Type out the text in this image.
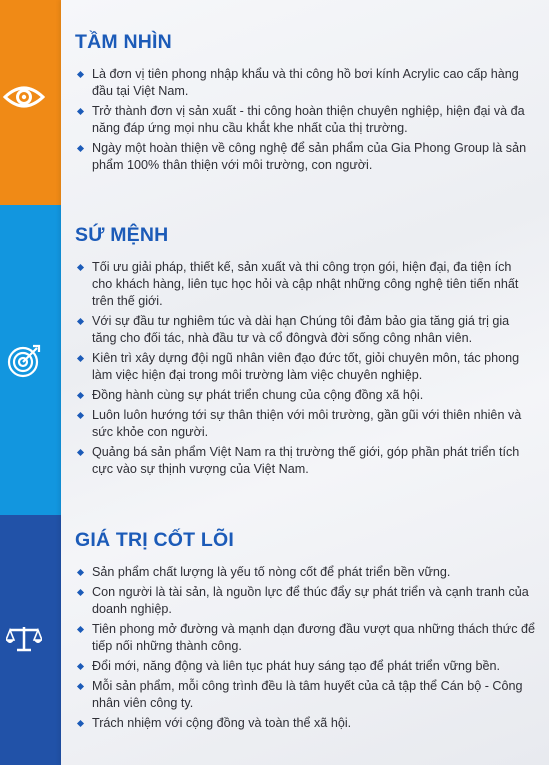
TẦM NHÌN
Là đơn vị tiên phong nhập khẩu và thi công hồ bơi kính Acrylic cao cấp hàng đầu tại Việt Nam.
Trở thành đơn vị sản xuất - thi công hoàn thiện chuyên nghiệp, hiện đại và đa năng đáp ứng mọi nhu cầu khắt khe nhất của thị trường.
Ngày một hoàn thiện về công nghệ để sản phẩm của Gia Phong Group là sản phẩm 100% thân thiện với môi trường, con người.
SỨ MỆNH
Tối ưu giải pháp, thiết kế, sản xuất và thi công trọn gói, hiện đại, đa tiện ích cho khách hàng, liên tục học hỏi và cập nhật những công nghệ tiên tiến nhất trên thế giới.
Với sự đầu tư nghiêm túc và dài hạn Chúng tôi đảm bảo gia tăng giá trị gia tăng cho đối tác, nhà đầu tư và cổ đôngvà đời sống công nhân viên.
Kiên trì xây dựng đội ngũ nhân viên đạo đức tốt, giỏi chuyên môn, tác phong làm việc hiện đại trong môi trường làm việc chuyên nghiệp.
Đồng hành cùng sự phát triển chung của cộng đồng xã hội.
Luôn luôn hướng tới sự thân thiện với môi trường, gần gũi với thiên nhiên và sức khỏe con người.
Quảng bá sản phẩm Việt Nam ra thị trường thế giới, góp phần phát triển tích cực vào sự thịnh vượng của Việt Nam.
GIÁ TRỊ CỐT LÕI
Sản phẩm chất lượng là yếu tố nòng cốt để phát triển bền vững.
Con người là tài sản, là nguồn lực để thúc đẩy sự phát triển và cạnh tranh của doanh nghiệp.
Tiên phong mở đường và mạnh dạn đương đầu vượt qua những thách thức để tiếp nối những thành công.
Đổi mới, năng động và liên tục phát huy sáng tạo để phát triển vững bền.
Mỗi sản phẩm, mỗi công trình đều là tâm huyết của cả tập thể Cán bộ - Công nhân viên công ty.
Trách nhiệm với cộng đồng và toàn thể xã hội.
